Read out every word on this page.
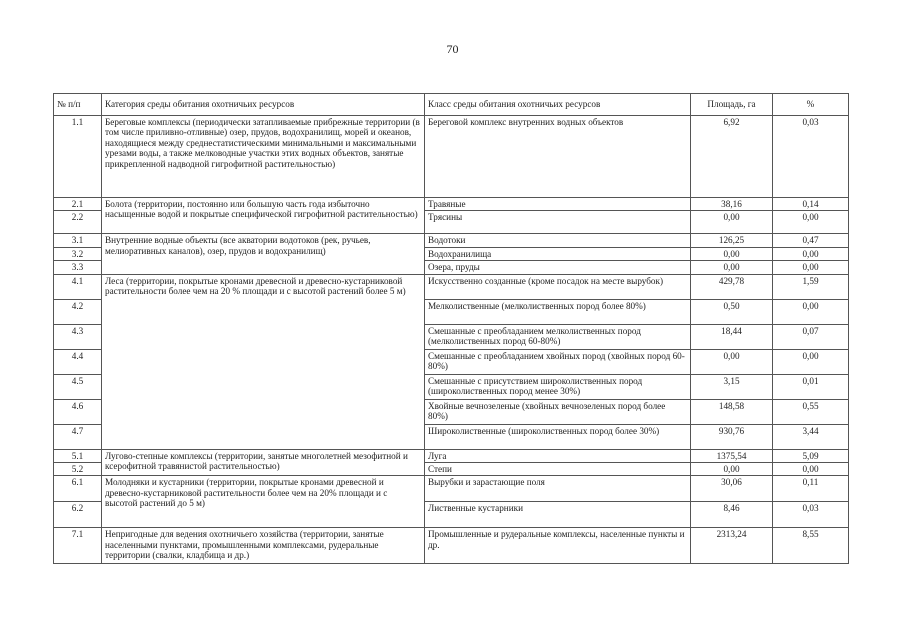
70
№ п/п	Категория среды обитания охотничьих ресурсов	Класс среды обитания охотничьих ресурсов	Площадь, га	%
1.1	Береговые комплексы (периодически затапливаемые прибрежные территории (в том числе приливно-отливные) озер, прудов, водохранилищ, морей и океанов, находящиеся между среднестатистическими минимальными и максимальными урезами воды, а также мелководные участки этих водных объектов, занятые прикрепленной надводной гигрофитной растительностью)	Береговой комплекс внутренних водных объектов	6,92	0,03
2.1	Болота (территории, постоянно или большую часть года избыточно насыщенные водой и покрытые специфической гигрофитной растительностью)	Травяные	38,16	0,14
2.2		Трясины	0,00	0,00
3.1	Внутренние водные объекты (все акватории водотоков (рек, ручьев, мелиоративных каналов), озер, прудов и водохранилищ)	Водотоки	126,25	0,47
3.2		Водохранилища	0,00	0,00
3.3		Озера, пруды	0,00	0,00
4.1	Леса (территории, покрытые кронами древесной и древесно-кустарниковой растительности более чем на 20 % площади и с высотой растений более 5 м)	Искусственно созданные (кроме посадок на месте вырубок)	429,78	1,59
4.2		Мелколиственные (мелколиственных пород более 80%)	0,50	0,00
4.3		Смешанные с преобладанием мелколиственных пород (мелколиственных пород 60-80%)	18,44	0,07
4.4		Смешанные с преобладанием хвойных пород (хвойных пород 60-80%)	0,00	0,00
4.5		Смешанные с присутствием широколиственных пород (широколиственных пород менее 30%)	3,15	0,01
4.6		Хвойные вечнозеленые (хвойных вечнозеленых пород более 80%)	148,58	0,55
4.7		Широколиственные (широколиственных пород более 30%)	930,76	3,44
5.1	Лугово-степные комплексы (территории, занятые многолетней мезофитной и ксерофитной травянистой растительностью)	Луга	1375,54	5,09
5.2		Степи	0,00	0,00
6.1	Молодняки и кустарники (территории, покрытые кронами древесной и древесно-кустарниковой растительности более чем на 20% площади и с высотой растений до 5 м)	Вырубки и зарастающие поля	30,06	0,11
6.2		Лиственные кустарники	8,46	0,03
7.1	Непригодные для ведения охотничьего хозяйства (территории, занятые населенными пунктами, промышленными комплексами, рудеральные территории (свалки, кладбища и др.)	Промышленные и рудеральные комплексы, населенные пункты и др.	2313,24	8,55
